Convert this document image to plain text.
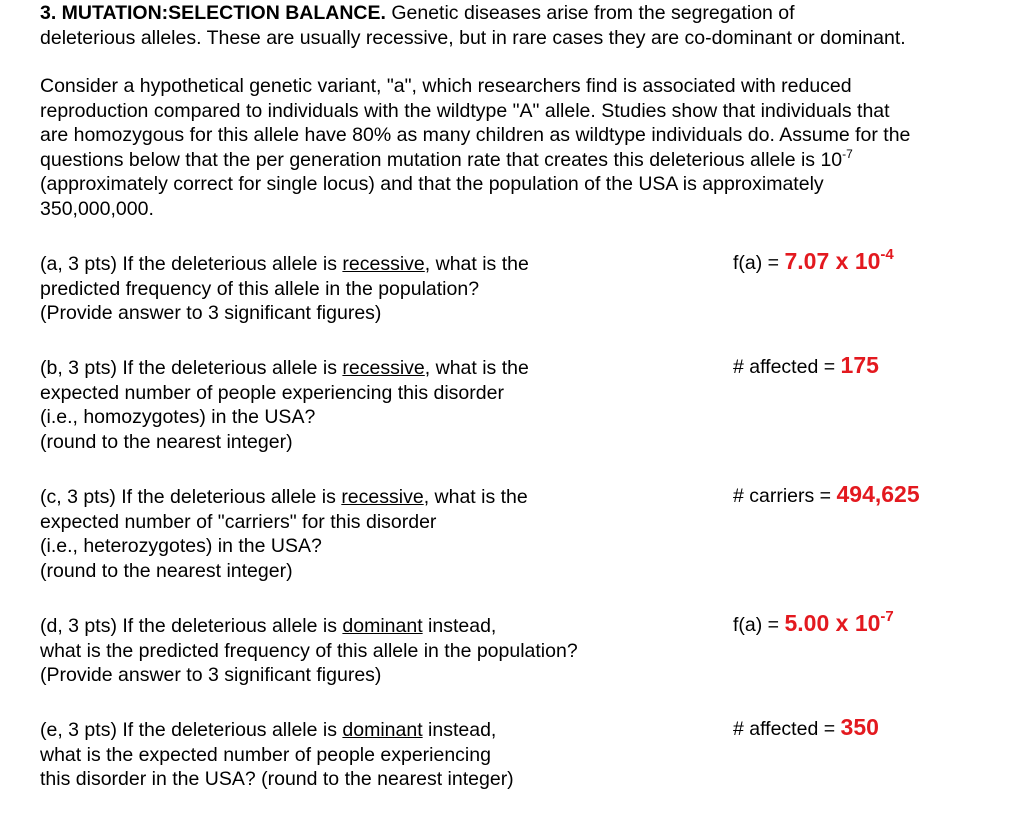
3. MUTATION:SELECTION BALANCE. Genetic diseases arise from the segregation of
deleterious alleles. These are usually recessive, but in rare cases they are co-dominant or dominant.
Consider a hypothetical genetic variant, "a", which researchers find is associated with reduced
reproduction compared to individuals with the wildtype "A" allele. Studies show that individuals that
are homozygous for this allele have 80% as many children as wildtype individuals do. Assume for the
questions below that the per generation mutation rate that creates this deleterious allele is $10^{-7}$
(approximately correct for single locus) and that the population of the USA is approximately
350,000,000.
(a, 3 pts) If the deleterious allele is recessive, what is the
predicted frequency of this allele in the population?
(Provide answer to 3 significant figures)
f(a) = 7.07 x $10^{-4}$
(b, 3 pts) If the deleterious allele is recessive, what is the
expected number of people experiencing this disorder
(i.e., homozygotes) in the USA?
(round to the nearest integer)
# affected = 175
(c, 3 pts) If the deleterious allele is recessive, what is the
expected number of "carriers" for this disorder
(i.e., heterozygotes) in the USA?
(round to the nearest integer)
# carriers = 494,625
(d, 3 pts) If the deleterious allele is dominant instead,
what is the predicted frequency of this allele in the population?
(Provide answer to 3 significant figures)
f(a) = 5.00 x $10^{-7}$
(e, 3 pts) If the deleterious allele is dominant instead,
what is the expected number of people experiencing
this disorder in the USA? (round to the nearest integer)
# affected = 350
